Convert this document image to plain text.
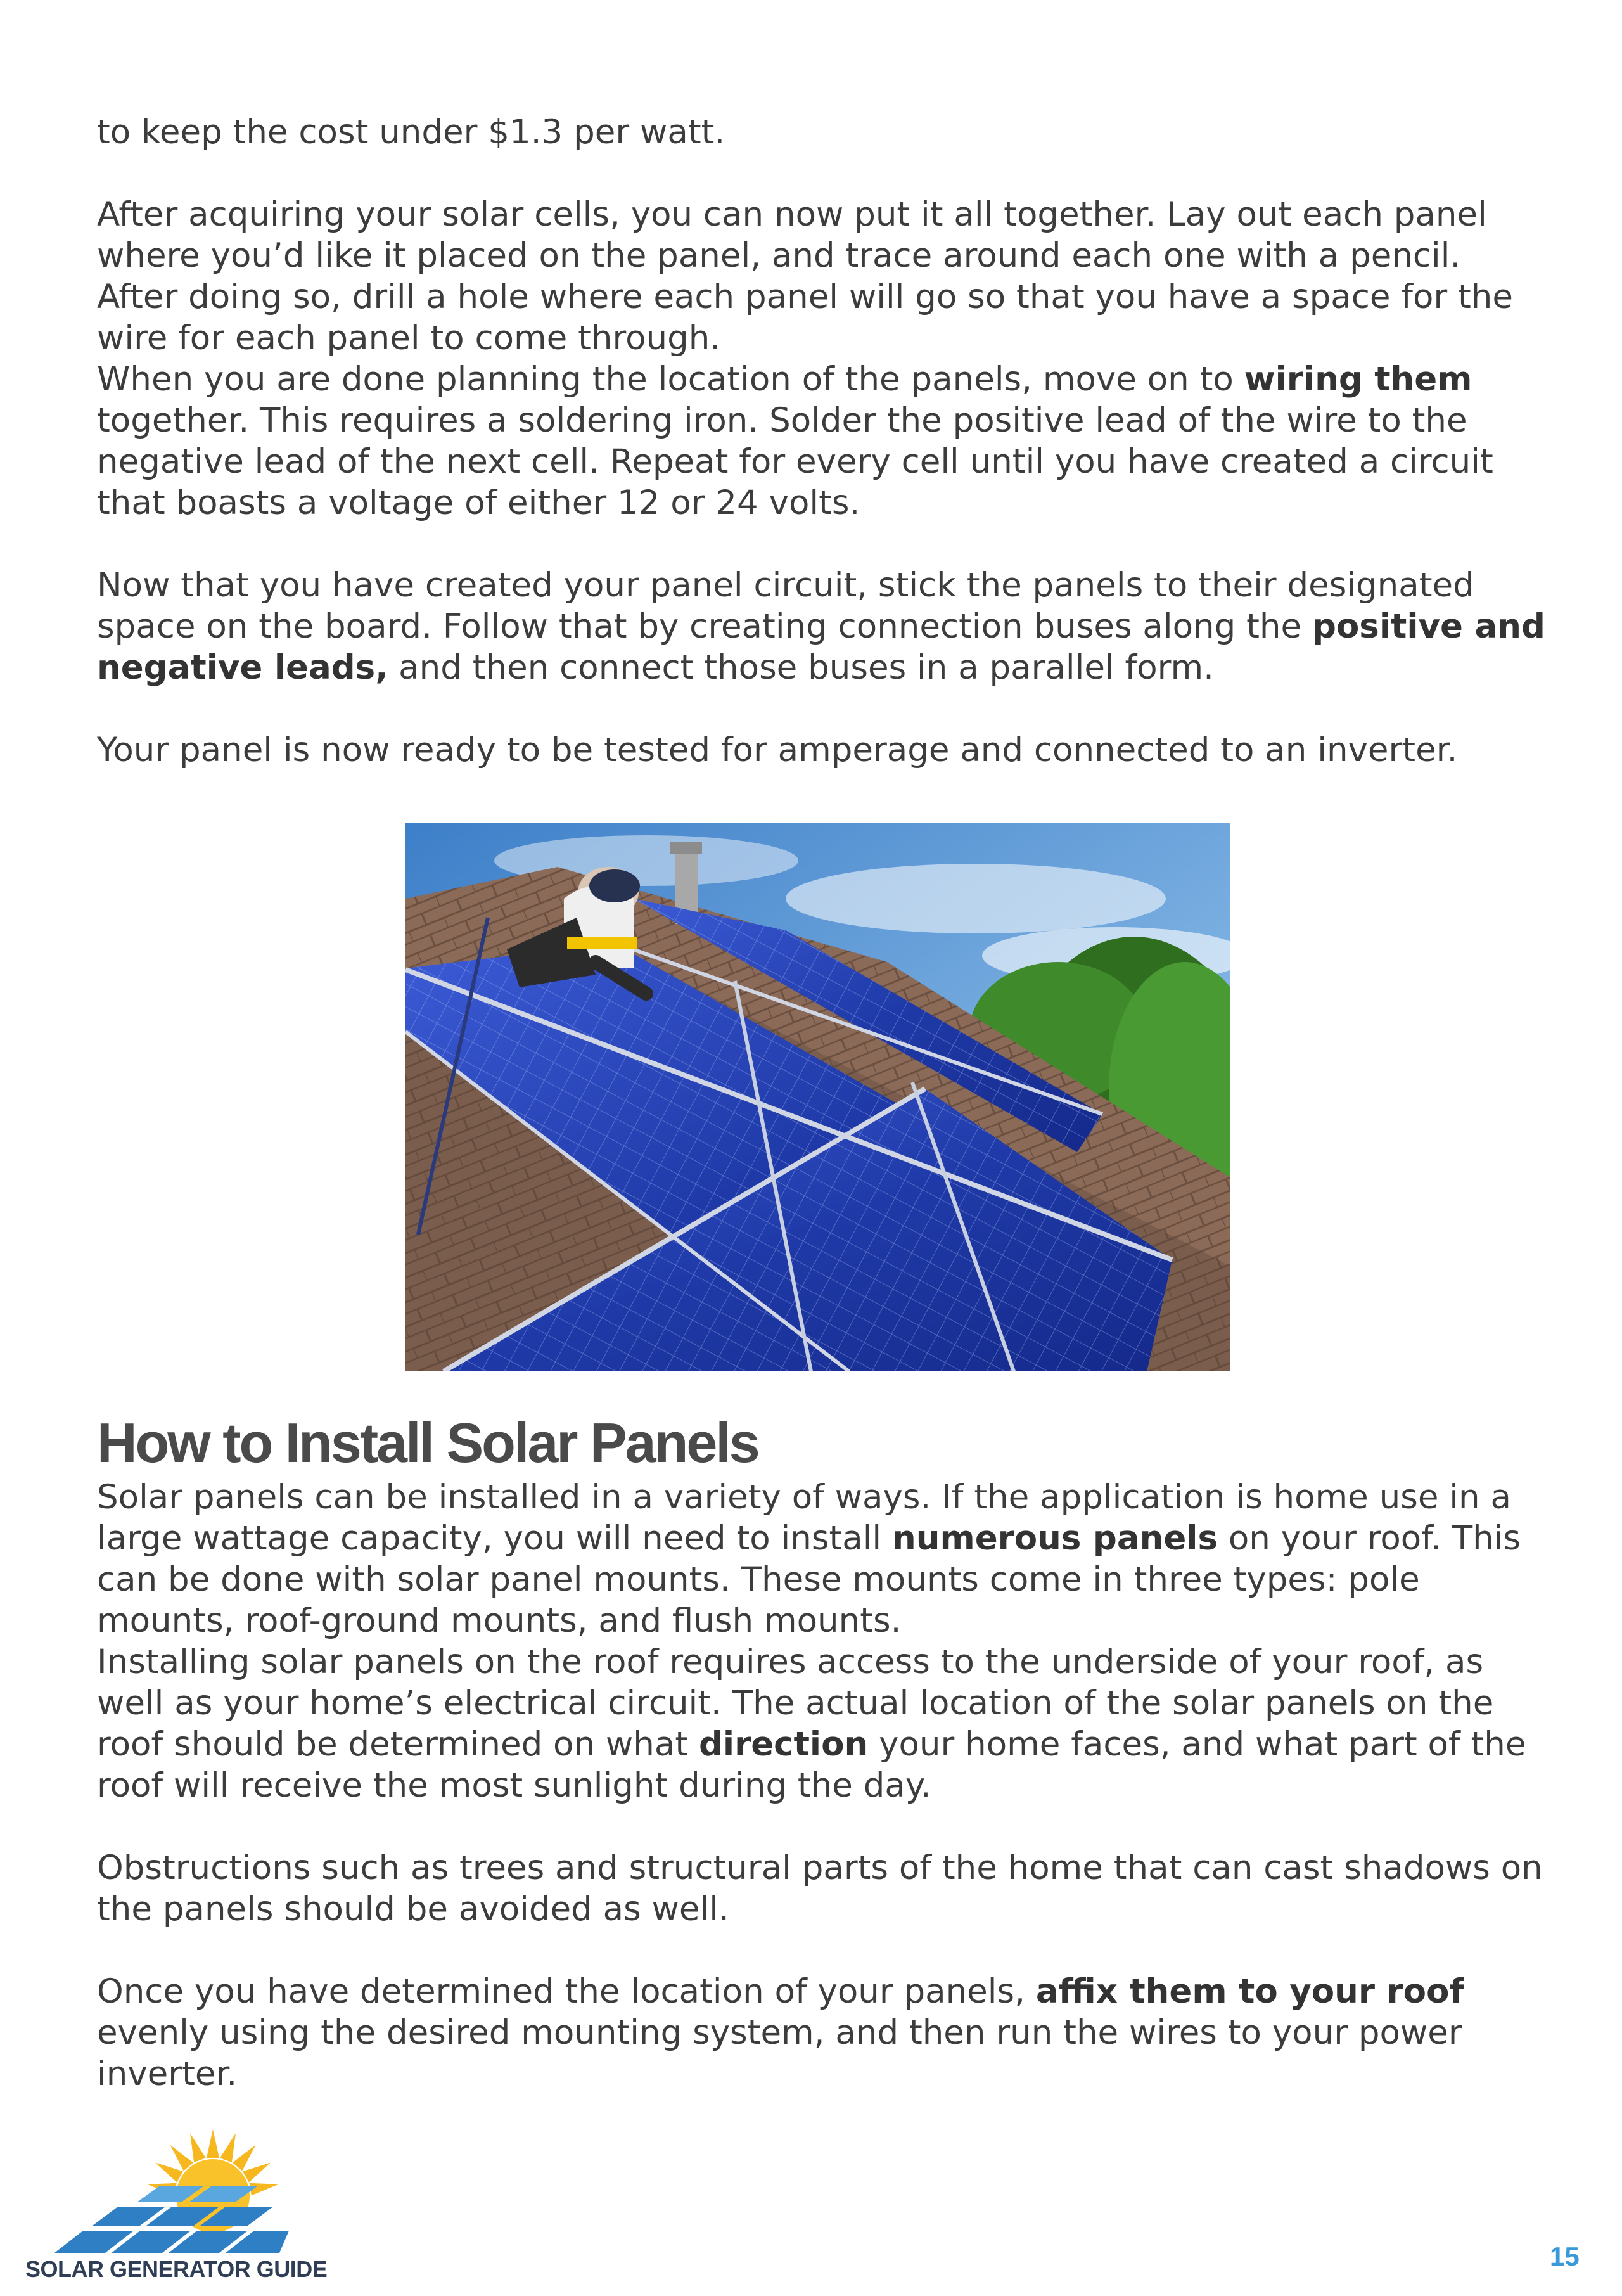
to keep the cost under $1.3 per watt.

After acquiring your solar cells, you can now put it all together. Lay out each panel where you’d like it placed on the panel, and trace around each one with a pencil. After doing so, drill a hole where each panel will go so that you have a space for the wire for each panel to come through.

When you are done planning the location of the panels, move on to wiring them together. This requires a soldering iron. Solder the positive lead of the wire to the negative lead of the next cell. Repeat for every cell until you have created a circuit that boasts a voltage of either 12 or 24 volts.

Now that you have created your panel circuit, stick the panels to their designated space on the board. Follow that by creating connection buses along the positive and negative leads, and then connect those buses in a parallel form.

Your panel is now ready to be tested for amperage and connected to an inverter.

How to Install Solar Panels

Solar panels can be installed in a variety of ways. If the application is home use in a large wattage capacity, you will need to install numerous panels on your roof. This can be done with solar panel mounts. These mounts come in three types: pole mounts, roof-ground mounts, and flush mounts.

Installing solar panels on the roof requires access to the underside of your roof, as well as your home’s electrical circuit. The actual location of the solar panels on the roof should be determined on what direction your home faces, and what part of the roof will receive the most sunlight during the day.

Obstructions such as trees and structural parts of the home that can cast shadows on the panels should be avoided as well.

Once you have determined the location of your panels, affix them to your roof evenly using the desired mounting system, and then run the wires to your power inverter.

SOLAR GENERATOR GUIDE	15
